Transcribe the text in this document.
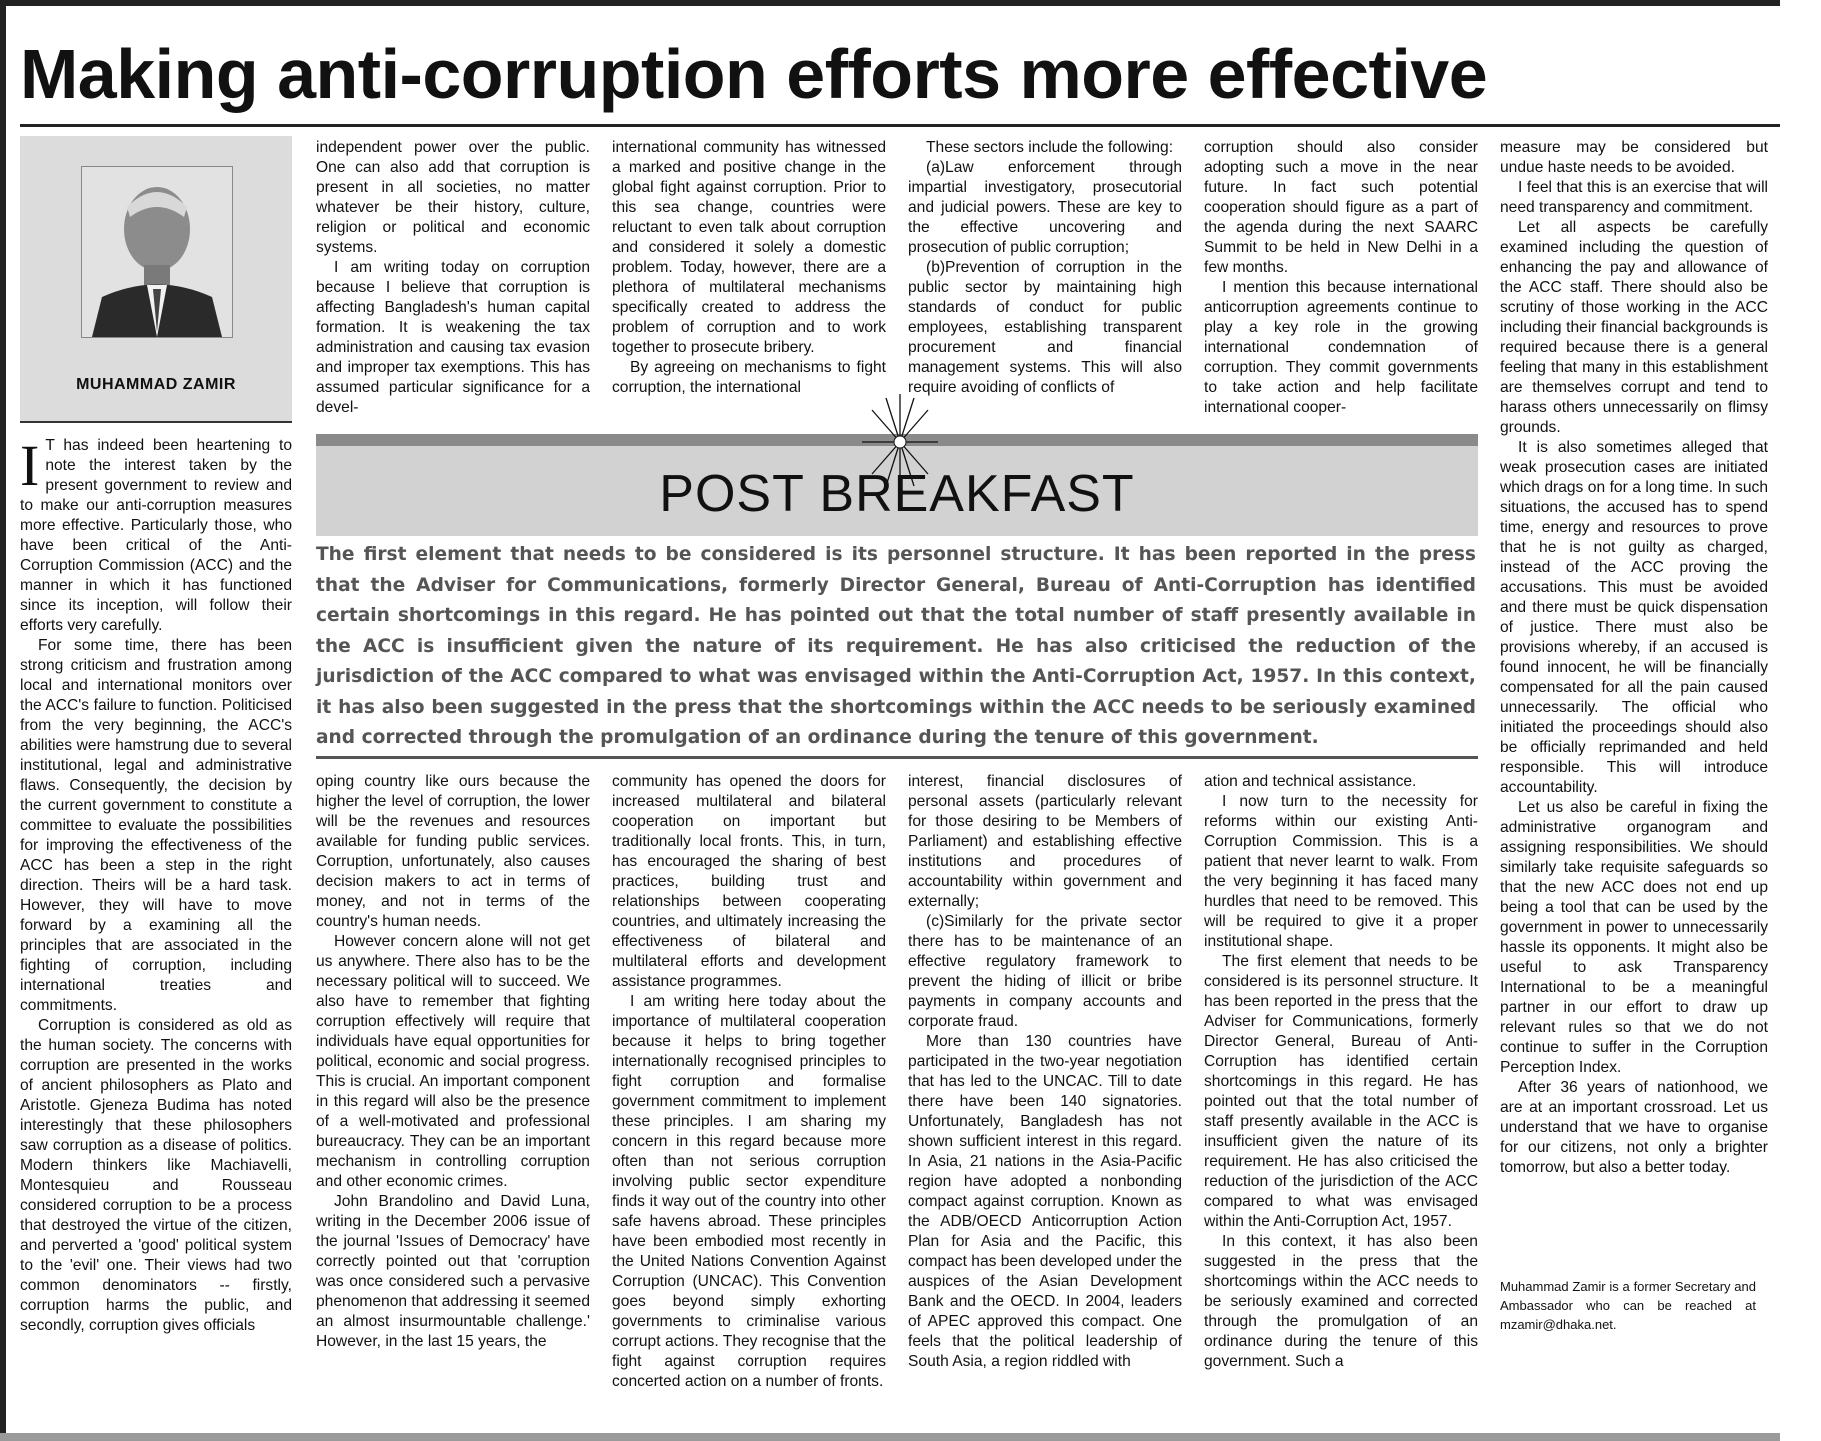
Making anti-corruption efforts more effective
MUHAMMAD ZAMIR
I T has indeed been heartening to note the interest taken by the present government to review and to make our anti-corruption measures more effective. Particularly those, who have been critical of the Anti-Corruption Commission (ACC) and the manner in which it has functioned since its inception, will follow their efforts very carefully.

For some time, there has been strong criticism and frustration among local and international monitors over the ACC's failure to function. Politicised from the very beginning, the ACC's abilities were hamstrung due to several institutional, legal and administrative flaws. Consequently, the decision by the current government to constitute a committee to evaluate the possibilities for improving the effectiveness of the ACC has been a step in the right direction. Theirs will be a hard task. However, they will have to move forward by a examining all the principles that are associated in the fighting of corruption, including international treaties and commitments.

Corruption is considered as old as the human society. The concerns with corruption are presented in the works of ancient philosophers as Plato and Aristotle. Gjeneza Budima has noted interestingly that these philosophers saw corruption as a disease of politics. Modern thinkers like Machiavelli, Montesquieu and Rousseau considered corruption to be a process that destroyed the virtue of the citizen, and perverted a 'good' political system to the 'evil' one. Their views had two common denominators -- firstly, corruption harms the public, and secondly, corruption gives officials

independent power over the public. One can also add that corruption is present in all societies, no matter whatever be their history, culture, religion or political and economic systems.

I am writing today on corruption because I believe that corruption is affecting Bangladesh's human capital formation. It is weakening the tax administration and causing tax evasion and improper tax exemptions. This has assumed particular significance for a devel-

international community has witnessed a marked and positive change in the global fight against corruption. Prior to this sea change, countries were reluctant to even talk about corruption and considered it solely a domestic problem. Today, however, there are a plethora of multilateral mechanisms specifically created to address the problem of corruption and to work together to prosecute bribery.

By agreeing on mechanisms to fight corruption, the international

These sectors include the following:

(a)Law enforcement through impartial investigatory, prosecutorial and judicial powers. These are key to the effective uncovering and prosecution of public corruption;

(b)Prevention of corruption in the public sector by maintaining high standards of conduct for public employees, establishing transparent procurement and financial management systems. This will also require avoiding of conflicts of

corruption should also consider adopting such a move in the near future. In fact such potential cooperation should figure as a part of the agenda during the next SAARC Summit to be held in New Delhi in a few months.

I mention this because international anticorruption agreements continue to play a key role in the growing international condemnation of corruption. They commit governments to take action and help facilitate international cooper-

POST BREAKFAST
The first element that needs to be considered is its personnel structure. It has been reported in the press that the Adviser for Communications, formerly Director General, Bureau of Anti-Corruption has identified certain shortcomings in this regard. He has pointed out that the total number of staff presently available in the ACC is insufficient given the nature of its requirement. He has also criticised the reduction of the jurisdiction of the ACC compared to what was envisaged within the Anti-Corruption Act, 1957. In this context, it has also been suggested in the press that the shortcomings within the ACC needs to be seriously examined and corrected through the promulgation of an ordinance during the tenure of this government.

oping country like ours because the higher the level of corruption, the lower will be the revenues and resources available for funding public services. Corruption, unfortunately, also causes decision makers to act in terms of money, and not in terms of the country's human needs.

However concern alone will not get us anywhere. There also has to be the necessary political will to succeed. We also have to remember that fighting corruption effectively will require that individuals have equal opportunities for political, economic and social progress. This is crucial. An important component in this regard will also be the presence of a well-motivated and professional bureaucracy. They can be an important mechanism in controlling corruption and other economic crimes.

John Brandolino and David Luna, writing in the December 2006 issue of the journal 'Issues of Democracy' have correctly pointed out that 'corruption was once considered such a pervasive phenomenon that addressing it seemed an almost insurmountable challenge.' However, in the last 15 years, the

community has opened the doors for increased multilateral and bilateral cooperation on important but traditionally local fronts. This, in turn, has encouraged the sharing of best practices, building trust and relationships between cooperating countries, and ultimately increasing the effectiveness of bilateral and multilateral efforts and development assistance programmes.

I am writing here today about the importance of multilateral cooperation because it helps to bring together internationally recognised principles to fight corruption and formalise government commitment to implement these principles. I am sharing my concern in this regard because more often than not serious corruption involving public sector expenditure finds it way out of the country into other safe havens abroad. These principles have been embodied most recently in the United Nations Convention Against Corruption (UNCAC). This Convention goes beyond simply exhorting governments to criminalise various corrupt actions. They recognise that the fight against corruption requires concerted action on a number of fronts.

interest, financial disclosures of personal assets (particularly relevant for those desiring to be Members of Parliament) and establishing effective institutions and procedures of accountability within government and externally;

(c)Similarly for the private sector there has to be maintenance of an effective regulatory framework to prevent the hiding of illicit or bribe payments in company accounts and corporate fraud.

More than 130 countries have participated in the two-year negotiation that has led to the UNCAC. Till to date there have been 140 signatories. Unfortunately, Bangladesh has not shown sufficient interest in this regard. In Asia, 21 nations in the Asia-Pacific region have adopted a nonbonding compact against corruption. Known as the ADB/OECD Anticorruption Action Plan for Asia and the Pacific, this compact has been developed under the auspices of the Asian Development Bank and the OECD. In 2004, leaders of APEC approved this compact. One feels that the political leadership of South Asia, a region riddled with

ation and technical assistance.

I now turn to the necessity for reforms within our existing Anti-Corruption Commission. This is a patient that never learnt to walk. From the very beginning it has faced many hurdles that need to be removed. This will be required to give it a proper institutional shape.

The first element that needs to be considered is its personnel structure. It has been reported in the press that the Adviser for Communications, formerly Director General, Bureau of Anti-Corruption has identified certain shortcomings in this regard. He has pointed out that the total number of staff presently available in the ACC is insufficient given the nature of its requirement. He has also criticised the reduction of the jurisdiction of the ACC compared to what was envisaged within the Anti-Corruption Act, 1957.

In this context, it has also been suggested in the press that the shortcomings within the ACC needs to be seriously examined and corrected through the promulgation of an ordinance during the tenure of this government. Such a

measure may be considered but undue haste needs to be avoided.

I feel that this is an exercise that will need transparency and commitment.

Let all aspects be carefully examined including the question of enhancing the pay and allowance of the ACC staff. There should also be scrutiny of those working in the ACC including their financial backgrounds is required because there is a general feeling that many in this establishment are themselves corrupt and tend to harass others unnecessarily on flimsy grounds.

It is also sometimes alleged that weak prosecution cases are initiated which drags on for a long time. In such situations, the accused has to spend time, energy and resources to prove that he is not guilty as charged, instead of the ACC proving the accusations. This must be avoided and there must be quick dispensation of justice. There must also be provisions whereby, if an accused is found innocent, he will be financially compensated for all the pain caused unnecessarily. The official who initiated the proceedings should also be officially reprimanded and held responsible. This will introduce accountability.

Let us also be careful in fixing the administrative organogram and assigning responsibilities. We should similarly take requisite safeguards so that the new ACC does not end up being a tool that can be used by the government in power to unnecessarily hassle its opponents. It might also be useful to ask Transparency International to be a meaningful partner in our effort to draw up relevant rules so that we do not continue to suffer in the Corruption Perception Index.

After 36 years of nationhood, we are at an important crossroad. Let us understand that we have to organise for our citizens, not only a brighter tomorrow, but also a better today.

Muhammad Zamir is a former Secretary and Ambassador who can be reached at mzamir@dhaka.net.
